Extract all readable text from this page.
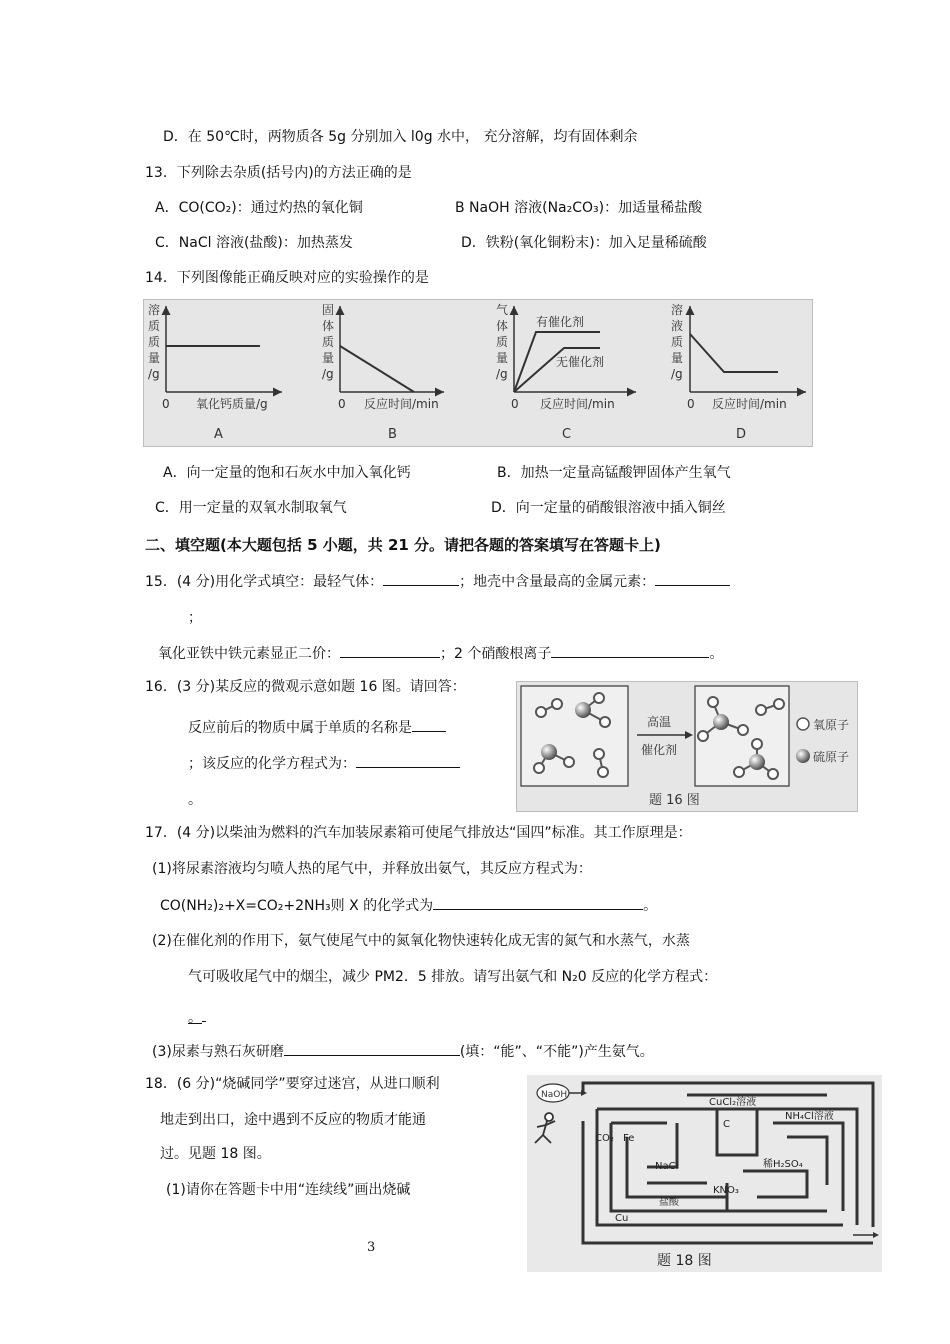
D．在 50℃时，两物质各 5g 分别加入 l0g 水中， 充分溶解，均有固体剩余
13．下列除去杂质(括号内)的方法正确的是
A．CO(CO₂)：通过灼热的氧化铜	B NaOH 溶液(Na₂CO₃)：加适量稀盐酸
C．NaCl 溶液(盐酸)：加热蒸发	D．铁粉(氧化铜粉末)：加入足量稀硫酸
14．下列图像能正确反映对应的实验操作的是
溶
质
质
量
/g
0 氧化钙质量/g
A
固
体
质
量
/g
0 反应时间/min
B
气
体
质
量
/g
有催化剂
无催化剂
0 反应时间/min
C
溶
液
质
量
/g
0 反应时间/min
D
A．向一定量的饱和石灰水中加入氧化钙	B．加热一定量高锰酸钾固体产生氧气
C．用一定量的双氧水制取氧气	D．向一定量的硝酸银溶液中插入铜丝
二、填空题(本大题包括 5 小题，共 21 分。请把各题的答案填写在答题卡上)
15．(4 分)用化学式填空：最轻气体：	；地壳中含量最高的金属元素：
；
氧化亚铁中铁元素显正二价：	；2 个硝酸根离子	。
16．(3 分)某反应的微观示意如题 16 图。请回答：
反应前后的物质中属于单质的名称是
；该反应的化学方程式为：
。
高温
催化剂
氧原子
硫原子
题 16 图
17．(4 分)以柴油为燃料的汽车加装尿素箱可使尾气排放达“国四”标准。其工作原理是：
(1)将尿素溶液均匀喷人热的尾气中，并释放出氨气，其反应方程式为：
CO(NH₂)₂+X=CO₂+2NH₃则 X 的化学式为	。
(2)在催化剂的作用下，氨气使尾气中的氮氧化物快速转化成无害的氮气和水蒸气，水蒸
气可吸收尾气中的烟尘，减少 PM2．5 排放。请写出氨气和 N₂0 反应的化学方程式：
。
(3)尿素与熟石灰研磨	(填：“能”、“不能”)产生氨气。
18．(6 分)“烧碱同学”要穿过迷宫，从进口顺利
地走到出口，途中遇到不反应的物质才能通
过。见题 18 图。
(1)请你在答题卡中用“连续线”画出烧碱
NaOH
CuCl₂溶液
C
NH₄Cl溶液
CO₂ Fe
NaCl	稀H₂SO₄
KNO₃
盐酸
Cu
题 18 图
3
